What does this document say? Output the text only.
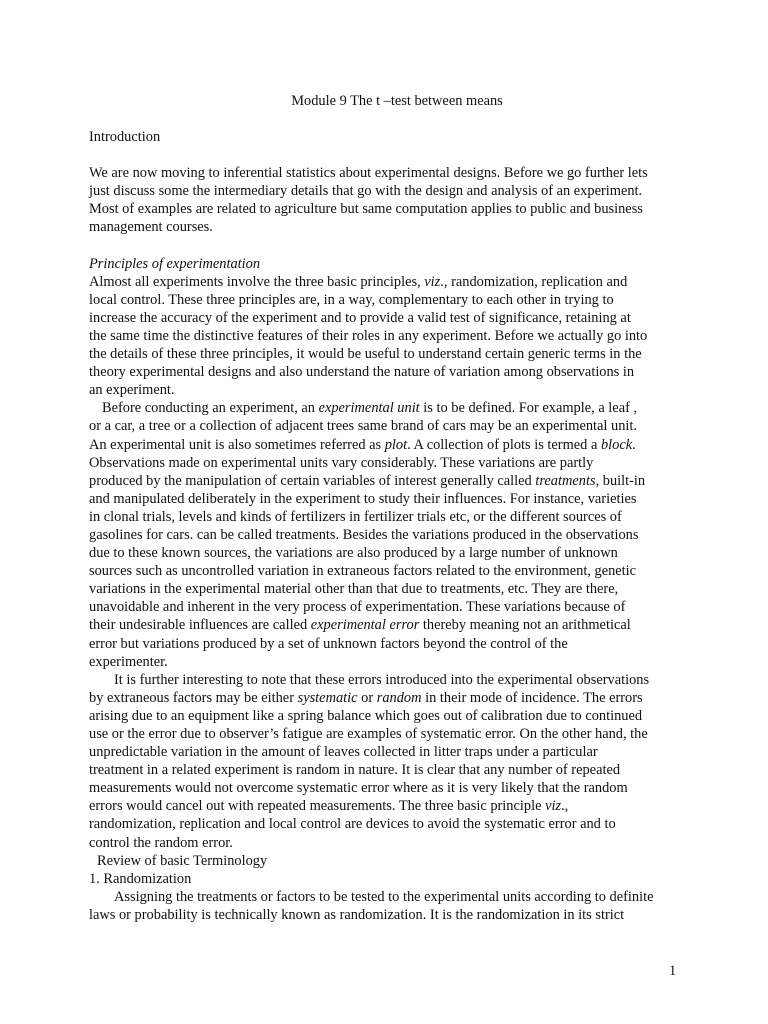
Module 9 The t –test between means
Introduction

We are now moving to inferential statistics about experimental designs. Before we go further lets
just discuss some the intermediary details that go with the design and analysis of an experiment.
Most of examples are related to agriculture but same computation applies to public and business
management courses.

Principles of experimentation

Almost all experiments involve the three basic principles, viz., randomization, replication and
local control. These three principles are, in a way, complementary to each other in trying to
increase the accuracy of the experiment and to provide a valid test of significance, retaining at
the same time the distinctive features of their roles in any experiment. Before we actually go into
the details of these three principles, it would be useful to understand certain generic terms in the
theory experimental designs and also understand the nature of variation among observations in
an experiment.

Before conducting an experiment, an experimental unit is to be defined. For example, a leaf ,
or a car, a tree or a collection of adjacent trees same brand of cars may be an experimental unit.
An experimental unit is also sometimes referred as plot. A collection of plots is termed a block.
Observations made on experimental units vary considerably. These variations are partly
produced by the manipulation of certain variables of interest generally called treatments, built-in
and manipulated deliberately in the experiment to study their influences. For instance, varieties
in clonal trials, levels and kinds of fertilizers in fertilizer trials etc, or the different sources of
gasolines for cars. can be called treatments. Besides the variations produced in the observations
due to these known sources, the variations are also produced by a large number of unknown
sources such as uncontrolled variation in extraneous factors related to the environment, genetic
variations in the experimental material other than that due to treatments, etc. They are there,
unavoidable and inherent in the very process of experimentation. These variations because of
their undesirable influences are called experimental error thereby meaning not an arithmetical
error but variations produced by a set of unknown factors beyond the control of the
experimenter.

It is further interesting to note that these errors introduced into the experimental observations
by extraneous factors may be either systematic or random in their mode of incidence. The errors
arising due to an equipment like a spring balance which goes out of calibration due to continued
use or the error due to observer’s fatigue are examples of systematic error. On the other hand, the
unpredictable variation in the amount of leaves collected in litter traps under a particular
treatment in a related experiment is random in nature. It is clear that any number of repeated
measurements would not overcome systematic error where as it is very likely that the random
errors would cancel out with repeated measurements. The three basic principle viz.,
randomization, replication and local control are devices to avoid the systematic error and to
control the random error.

Review of basic Terminology
1. Randomization

Assigning the treatments or factors to be tested to the experimental units according to definite
laws or probability is technically known as randomization. It is the randomization in its strict

1
